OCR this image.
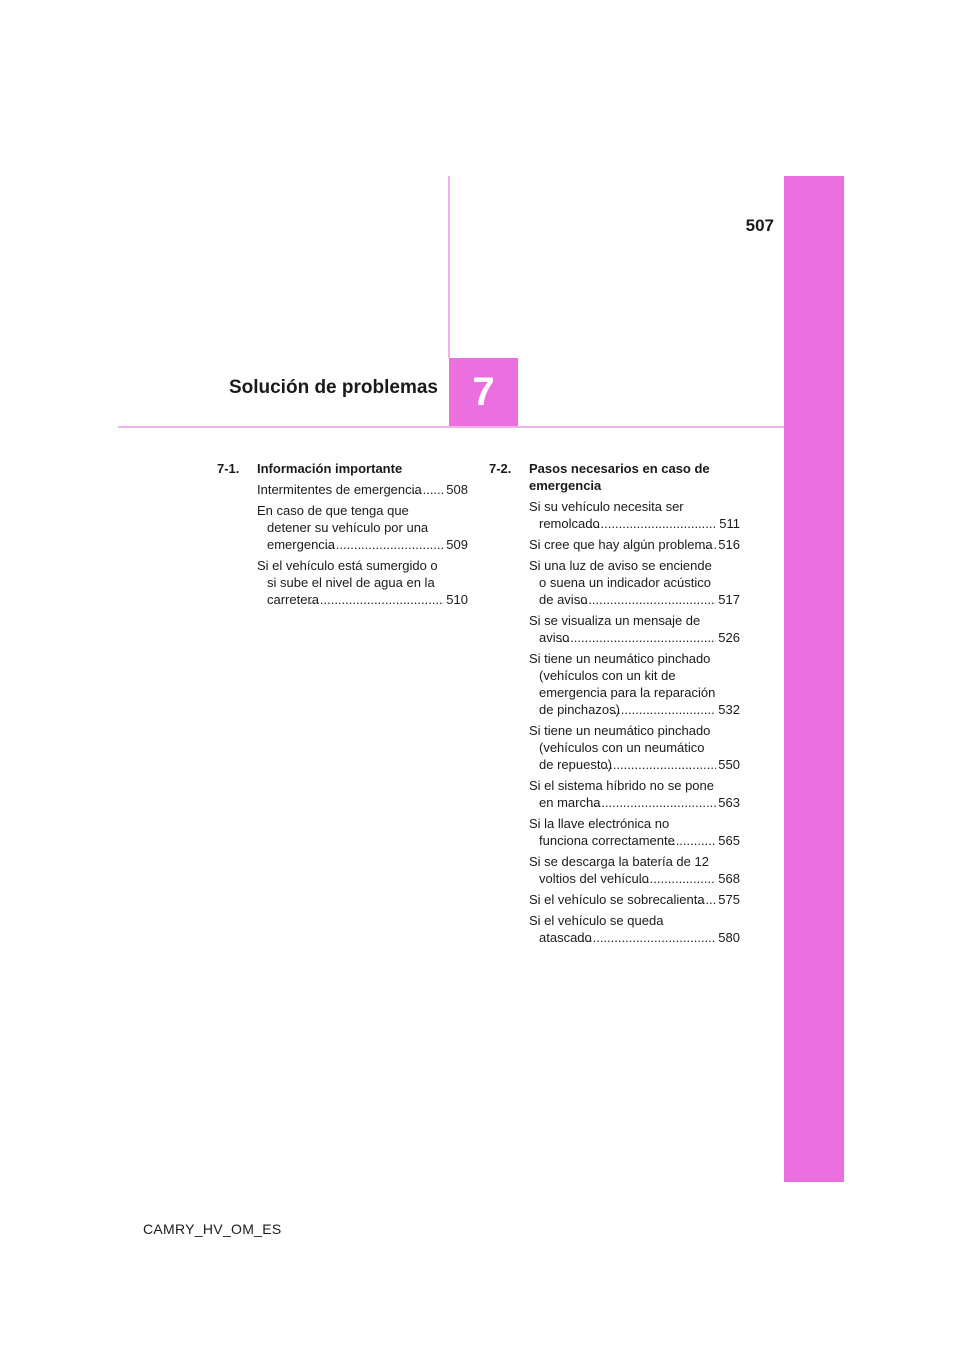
507
Solución de problemas 7
7-1.	Información importante
Intermitentes de emergencia .....	508
En caso de que tenga que detener su vehículo por una emergencia .....	509
Si el vehículo está sumergido o si sube el nivel de agua en la carretera .....	510
7-2.	Pasos necesarios en caso de emergencia
Si su vehículo necesita ser remolcado .....	511
Si cree que hay algún problema ..... 516
Si una luz de aviso se enciende o suena un indicador acústico de aviso .....	517
Si se visualiza un mensaje de aviso .....	526
Si tiene un neumático pinchado (vehículos con un kit de emergencia para la reparación de pinchazos) .....	532
Si tiene un neumático pinchado (vehículos con un neumático de repuesto) .....	550
Si el sistema híbrido no se pone en marcha .....	563
Si la llave electrónica no funciona correctamente .....	565
Si se descarga la batería de 12 voltios del vehículo .....	568
Si el vehículo se sobrecalienta .....	575
Si el vehículo se queda atascado .....	580
CAMRY_HV_OM_ES
